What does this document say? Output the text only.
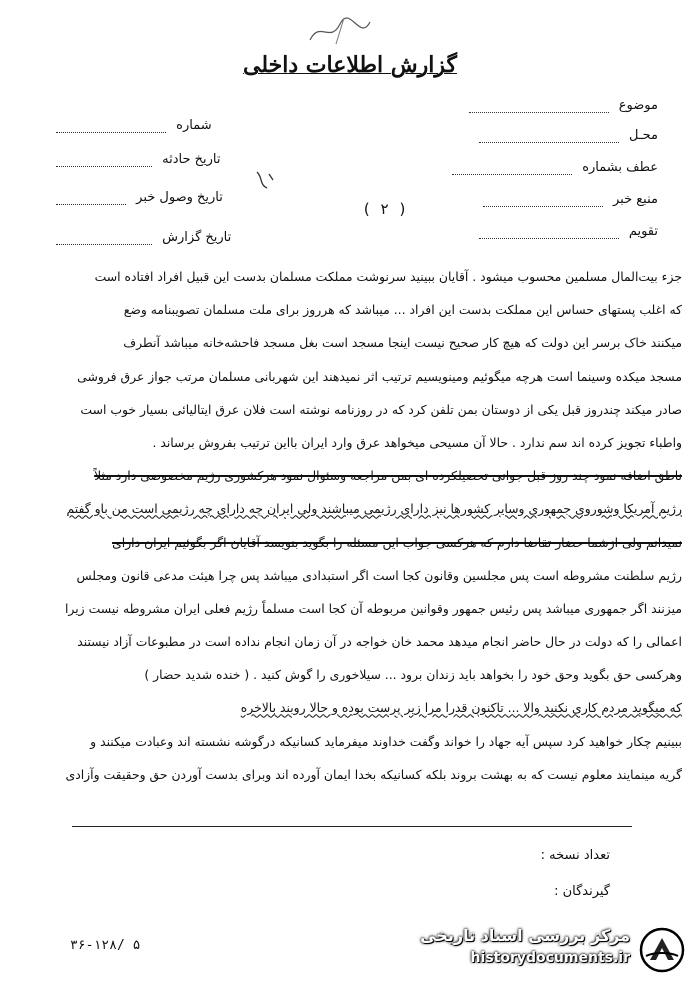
گزارش اطلاعات داخلی
موضوع
محـل
عطف بشماره
منبع خبر
تقویم
شماره
تاریخ حادثه
تاریخ وصول خبر
تاریخ گزارش
( ۲ )
جزء بیت‌المال مسلمین محسوب میشود . آقایان ببینید سرنوشت مملکت مسلمان بدست این قبیل افراد افتاده است
که اغلب پستهای حساس این مملکت بدست این افراد ... میباشد که هرروز برای ملت مسلمان تصویبنامه وضع
میکنند خاک برسر این دولت که هیچ کار صحیح نیست اینجا مسجد است بغل مسجد فاحشه‌خانه میباشد آنطرف
مسجد میکده وسینما است هرچه میگوئیم ومینویسیم ترتیب اثر نمیدهند این شهربانی مسلمان مرتب جواز عرق فروشی
صادر میکند چندروز قبل یکی از دوستان بمن تلفن کرد که در روزنامه نوشته است فلان عرق ایتالیائی بسیار خوب است
واطباء تجویز کرده اند سم ندارد . حالا آن مسیحی میخواهد عرق وارد ایران بااین ترتیب بفروش برساند .
ناطق اضافه نمود چند روز قبل جوانی تحصیلکرده ای بمن مراجعه وسئوال نمود هرکشوری رژیم مخصوصی دارد مثلاً
رژیم آمریکا وشوروی جمهوری وسایر کشورها نیز دارای رژیمی میباشند ولی ایران چه دارای چه رژیمی است من باو گفتم
نمیدانم ولی ازشما حضار تقاضا دارم که هرکسی جواب این مسئله را بگوید بنویسد آقایان اگر بگوئیم ایران دارای
رژیم سلطنت مشروطه است پس مجلسین وقانون کجا است اگر استبدادی میباشد پس چرا هیئت مدعی قانون ومجلس
میزنند اگر جمهوری میباشد پس رئیس جمهور وقوانین مربوطه آن کجا است مسلماً رژیم فعلی ایران مشروطه نیست زیرا
اعمالی را که دولت در حال حاضر انجام میدهد محمد خان خواجه در آن زمان انجام نداده است در مطبوعات آزاد نیستند
وهرکسی حق بگوید وحق خود را بخواهد باید زندان برود ... سیلاخوری را گوش کنید . ( خنده شدید حضار )
که میگوید مردم کاری نکنید والا ... تاکنون قدرا مرا زیر پرست بوده و حالا روبند بالاخره
ببینیم چکار خواهید کرد سپس آیه جهاد را خواند وگفت خداوند میفرماید کسانیکه درگوشه نشسته اند وعبادت میکنند و
گریه مینمایند معلوم نیست که به بهشت بروند بلکه کسانیکه بخدا ایمان آورده اند وبرای بدست آوردن حق وحقیقت وآزادی
تعداد نسخه :
گیرندگان :
۳۶-۱۲۸/ ۵
مرکز بررسی اسناد تاریخی
historydocuments.ir
